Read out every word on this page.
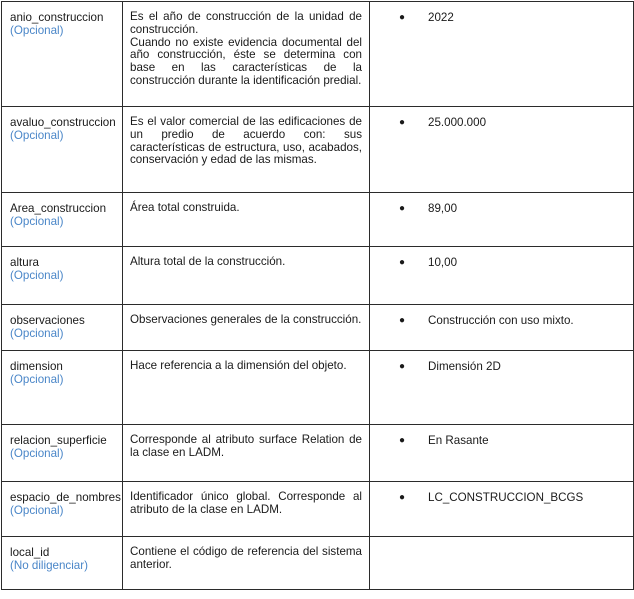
anio_construccion
(Opcional)	Es el año de construcción de la unidad de construcción.
Cuando no existe evidencia documental del año construcción, éste se determina con base en las características de la construcción durante la identificación predial.	● 2022

avaluo_construccion
(Opcional)	Es el valor comercial de las edificaciones de un predio de acuerdo con: sus características de estructura, uso, acabados, conservación y edad de las mismas.	● 25.000.000

Area_construccion
(Opcional)	Área total construida.	● 89,00

altura
(Opcional)	Altura total de la construcción.	● 10,00

observaciones
(Opcional)	Observaciones generales de la construcción.	● Construcción con uso mixto.

dimension
(Opcional)	Hace referencia a la dimensión del objeto.	● Dimensión 2D

relacion_superficie
(Opcional)	Corresponde al atributo surface Relation de la clase en LADM.	● En Rasante

espacio_de_nombres
(Opcional)	Identificador único global. Corresponde al atributo de la clase en LADM.	● LC_CONSTRUCCION_BCGS

local_id
(No diligenciar)	Contiene el código de referencia del sistema anterior.	
